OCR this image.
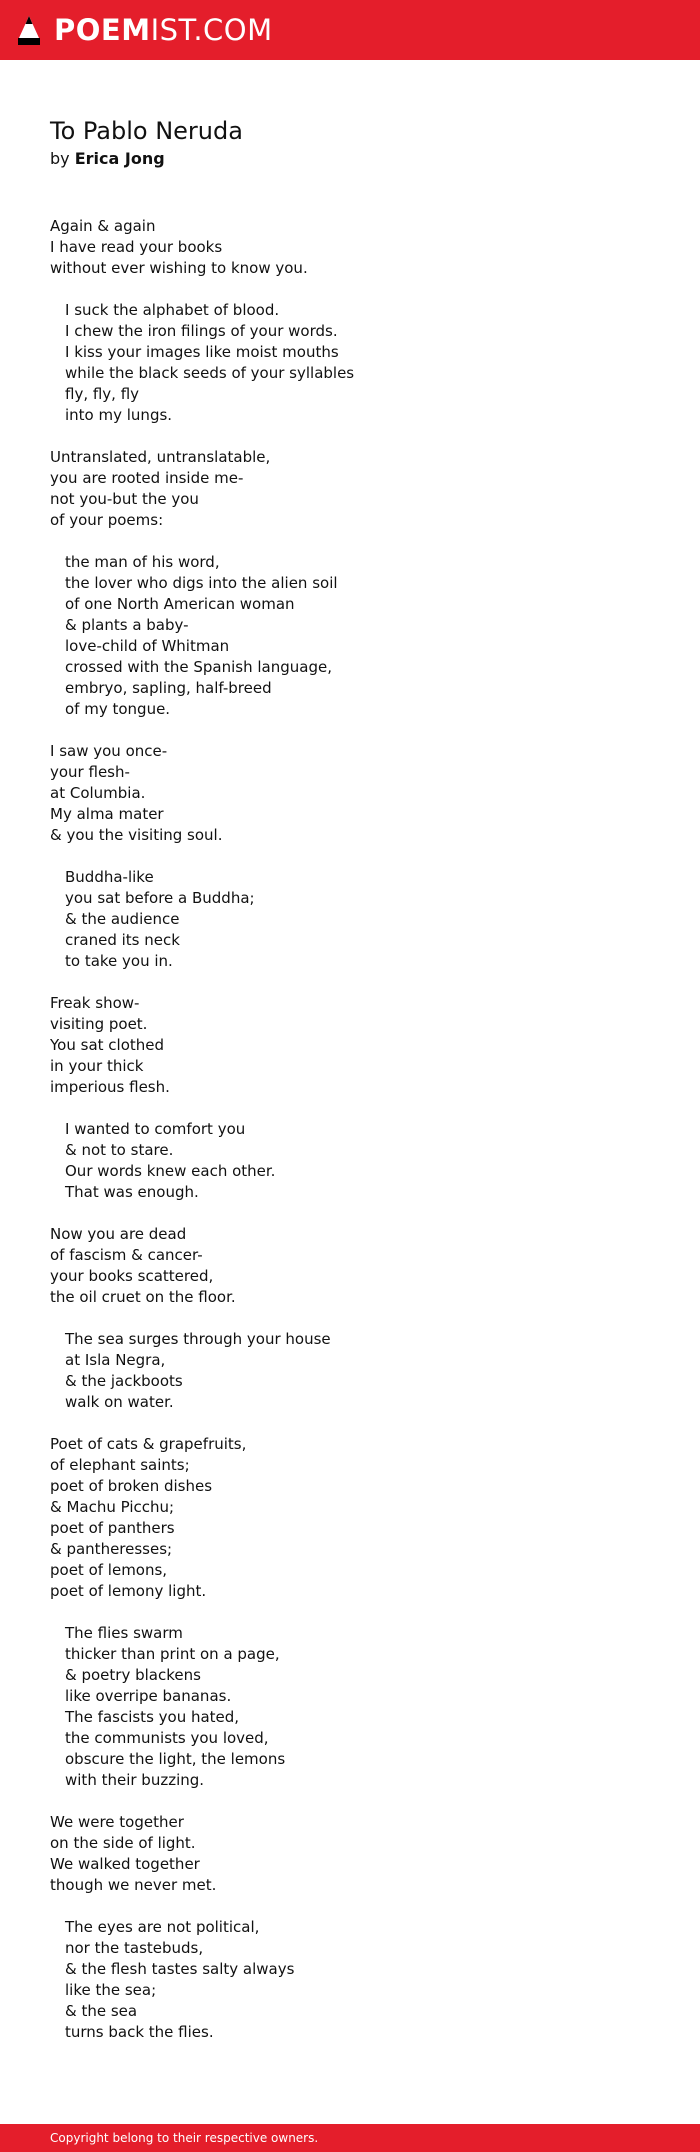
POEMIST.COM
To Pablo Neruda
by Erica Jong
Again & again
I have read your books
without ever wishing to know you.
I suck the alphabet of blood.
I chew the iron filings of your words.
I kiss your images like moist mouths
while the black seeds of your syllables
fly, fly, fly
into my lungs.
Untranslated, untranslatable,
you are rooted inside me-
not you-but the you
of your poems:
the man of his word,
the lover who digs into the alien soil
of one North American woman
& plants a baby-
love-child of Whitman
crossed with the Spanish language,
embryo, sapling, half-breed
of my tongue.
I saw you once-
your flesh-
at Columbia.
My alma mater
& you the visiting soul.
Buddha-like
you sat before a Buddha;
& the audience
craned its neck
to take you in.
Freak show-
visiting poet.
You sat clothed
in your thick
imperious flesh.
I wanted to comfort you
& not to stare.
Our words knew each other.
That was enough.
Now you are dead
of fascism & cancer-
your books scattered,
the oil cruet on the floor.
The sea surges through your house
at Isla Negra,
& the jackboots
walk on water.
Poet of cats & grapefruits,
of elephant saints;
poet of broken dishes
& Machu Picchu;
poet of panthers
& pantheresses;
poet of lemons,
poet of lemony light.
The flies swarm
thicker than print on a page,
& poetry blackens
like overripe bananas.
The fascists you hated,
the communists you loved,
obscure the light, the lemons
with their buzzing.
We were together
on the side of light.
We walked together
though we never met.
The eyes are not political,
nor the tastebuds,
& the flesh tastes salty always
like the sea;
& the sea
turns back the flies.
Copyright belong to their respective owners.
